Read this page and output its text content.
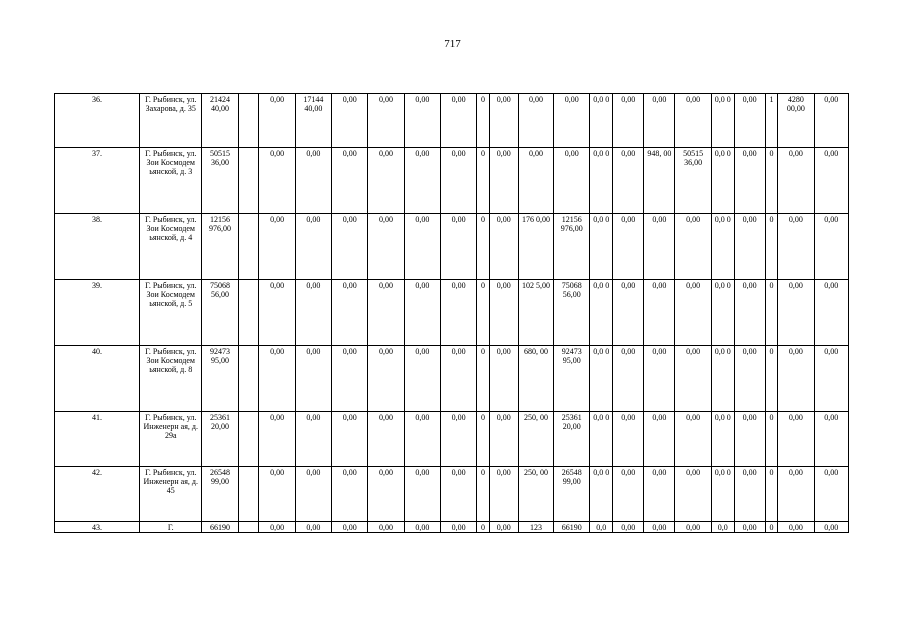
717
36.	Г. Рыбинск, ул. Захарова, д. 35	21424 40,00		0,00	17144 40,00	0,00	0,00	0,00	0,00	0	0,00	0,00	0,00	0,0 0	0,00	0,00	0,00	0,0 0	0,00	1	4280 00,00	0,00
37.	Г. Рыбинск, ул. Зои Космодем ьянской, д. 3	50515 36,00		0,00	0,00	0,00	0,00	0,00	0,00	0	0,00	0,00	0,00	0,0 0	0,00	948, 00	50515 36,00	0,0 0	0,00	0	0,00	0,00
38.	Г. Рыбинск, ул. Зои Космодем ьянской, д. 4	12156 976,00		0,00	0,00	0,00	0,00	0,00	0,00	0	0,00	176 0,00	12156 976,00	0,0 0	0,00	0,00	0,00	0,0 0	0,00	0	0,00	0,00
39.	Г. Рыбинск, ул. Зои Космодем ьянской, д. 5	75068 56,00		0,00	0,00	0,00	0,00	0,00	0,00	0	0,00	102 5,00	75068 56,00	0,0 0	0,00	0,00	0,00	0,0 0	0,00	0	0,00	0,00
40.	Г. Рыбинск, ул. Зои Космодем ьянской, д. 8	92473 95,00		0,00	0,00	0,00	0,00	0,00	0,00	0	0,00	680, 00	92473 95,00	0,0 0	0,00	0,00	0,00	0,0 0	0,00	0	0,00	0,00
41.	Г. Рыбинск, ул. Инженерн ая, д. 29а	25361 20,00		0,00	0,00	0,00	0,00	0,00	0,00	0	0,00	250, 00	25361 20,00	0,0 0	0,00	0,00	0,00	0,0 0	0,00	0	0,00	0,00
42.	Г. Рыбинск, ул. Инженерн ая, д. 45	26548 99,00		0,00	0,00	0,00	0,00	0,00	0,00	0	0,00	250, 00	26548 99,00	0,0 0	0,00	0,00	0,00	0,0 0	0,00	0	0,00	0,00
43.	Г.	66190		0,00	0,00	0,00	0,00	0,00	0,00	0	0,00	123	66190	0,0	0,00	0,00	0,00	0,0	0,00	0	0,00	0,00
